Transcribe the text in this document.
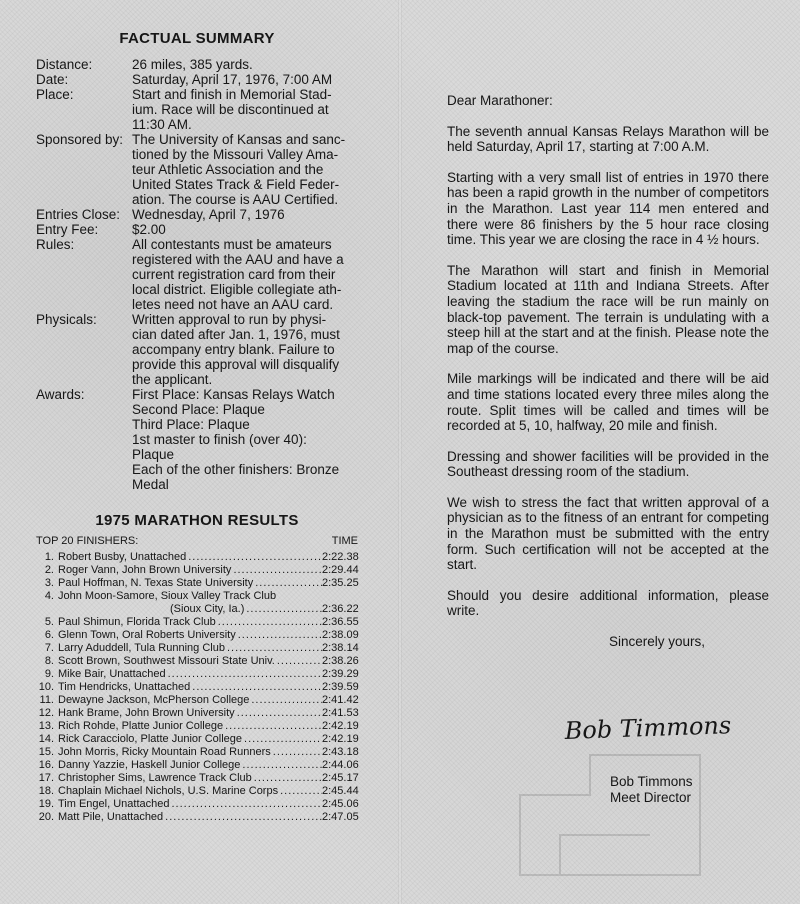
FACTUAL SUMMARY
Distance:	26 miles, 385 yards.
Date:	Saturday, April 17, 1976, 7:00 AM
Place:	Start and finish in Memorial Stad-
ium. Race will be discontinued at
11:30 AM.
Sponsored by: The University of Kansas and sanc-
tioned by the Missouri Valley Ama-
teur Athletic Association and the
United States Track & Field Feder-
ation. The course is AAU Certified.
Entries Close: Wednesday, April 7, 1976
Entry Fee:	$2.00
Rules:	All contestants must be amateurs
registered with the AAU and have a
current registration card from their
local district. Eligible collegiate ath-
letes need not have an AAU card.
Physicals:	Written approval to run by physi-
cian dated after Jan. 1, 1976, must
accompany entry blank. Failure to
provide this approval will disqualify
the applicant.
Awards:	First Place: Kansas Relays Watch
Second Place: Plaque
Third Place: Plaque
1st master to finish (over 40):
Plaque
Each of the other finishers: Bronze
Medal
1975 MARATHON RESULTS
TOP 20 FINISHERS:	TIME
1. Robert Busby, Unattached .....	2:22.38
2. Roger Vann, John Brown University .....	2:29.44
3. Paul Hoffman, N. Texas State University .....	2:35.25
4. John Moon-Samore, Sioux Valley Track Club
(Sioux City, Ia.) .....	2:36.22
5. Paul Shimun, Florida Track Club .....	2:36.55
6. Glenn Town, Oral Roberts University .....	2:38.09
7. Larry Aduddell, Tula Running Club .....	2:38.14
8. Scott Brown, Southwest Missouri State Univ. .....	2:38.26
9. Mike Bair, Unattached .....	2:39.29
10. Tim Hendricks, Unattached .....	2:39.59
11. Dewayne Jackson, McPherson College .....	2:41.42
12. Hank Brame, John Brown University .....	2:41.53
13. Rich Rohde, Platte Junior College .....	2:42.19
14. Rick Caracciolo, Platte Junior College .....	2:42.19
15. John Morris, Ricky Mountain Road Runners .....	2:43.18
16. Danny Yazzie, Haskell Junior College .....	2:44.06
17. Christopher Sims, Lawrence Track Club .....	2:45.17
18. Chaplain Michael Nichols, U.S. Marine Corps .....	2:45.44
19. Tim Engel, Unattached .....	2:45.06
20. Matt Pile, Unattached .....	2:47.05

Dear Marathoner:

The seventh annual Kansas Relays Marathon will be held Saturday, April 17, starting at 7:00 A.M.

Starting with a very small list of entries in 1970 there has been a rapid growth in the number of competitors in the Marathon. Last year 114 men entered and there were 86 finishers by the 5 hour race closing time. This year we are closing the race in 4 ½ hours.

The Marathon will start and finish in Memorial Stadium located at 11th and Indiana Streets. After leaving the stadium the race will be run mainly on black-top pavement. The terrain is undulating with a steep hill at the start and at the finish. Please note the map of the course.

Mile markings will be indicated and there will be aid and time stations located every three miles along the route. Split times will be called and times will be recorded at 5, 10, halfway, 20 mile and finish.

Dressing and shower facilities will be provided in the Southeast dressing room of the stadium.

We wish to stress the fact that written approval of a physician as to the fitness of an entrant for competing in the Marathon must be submitted with the entry form. Such certification will not be accepted at the start.

Should you desire additional information, please write.

Sincerely yours,
Bob Timmons
Bob Timmons
Meet Director
